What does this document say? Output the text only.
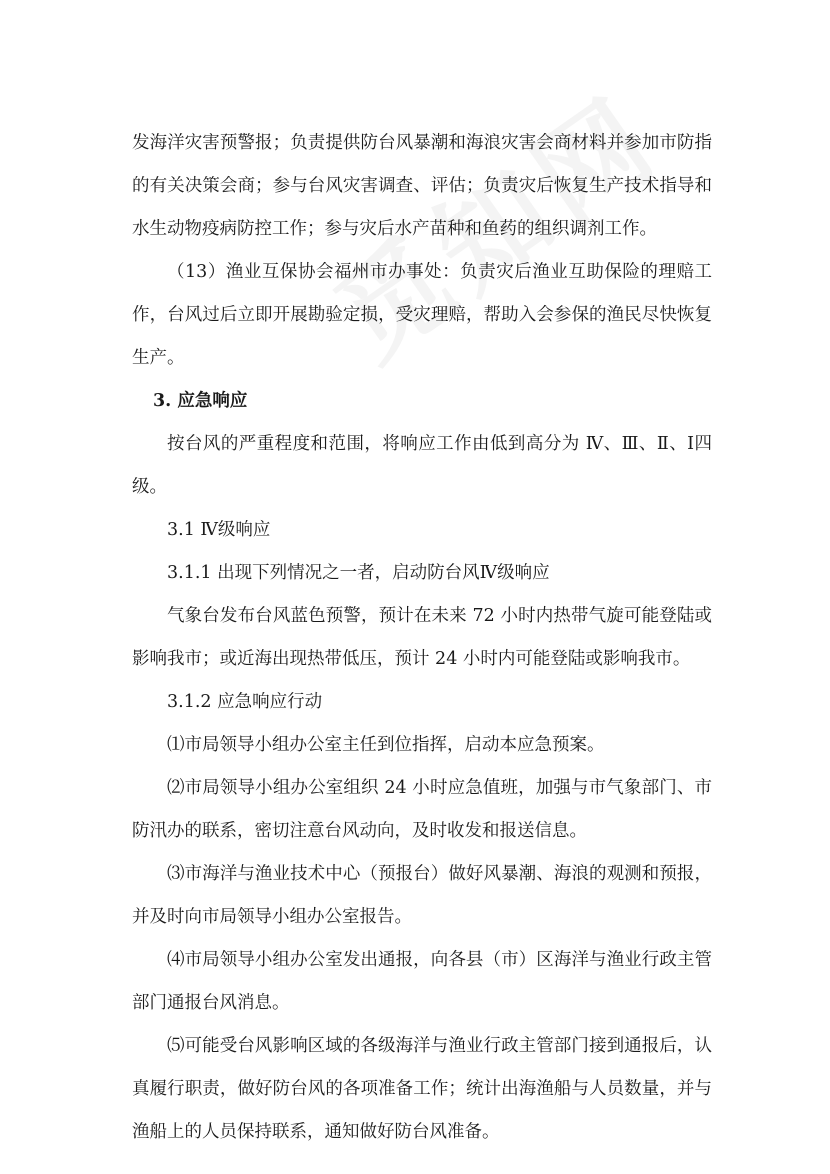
发海洋灾害预警报；负责提供防台风暴潮和海浪灾害会商材料并参加市防指的有关决策会商；参与台风灾害调查、评估；负责灾后恢复生产技术指导和水生动物疫病防控工作；参与灾后水产苗种和鱼药的组织调剂工作。

（13）渔业互保协会福州市办事处：负责灾后渔业互助保险的理赔工作，台风过后立即开展勘验定损，受灾理赔，帮助入会参保的渔民尽快恢复生产。

3. 应急响应

按台风的严重程度和范围，将响应工作由低到高分为 Ⅳ、Ⅲ、Ⅱ、Ⅰ四级。

3.1 Ⅳ级响应

3.1.1 出现下列情况之一者，启动防台风Ⅳ级响应

气象台发布台风蓝色预警，预计在未来 72 小时内热带气旋可能登陆或影响我市；或近海出现热带低压，预计 24 小时内可能登陆或影响我市。

3.1.2 应急响应行动

⑴市局领导小组办公室主任到位指挥，启动本应急预案。

⑵市局领导小组办公室组织 24 小时应急值班，加强与市气象部门、市防汛办的联系，密切注意台风动向，及时收发和报送信息。

⑶市海洋与渔业技术中心（预报台）做好风暴潮、海浪的观测和预报，并及时向市局领导小组办公室报告。

⑷市局领导小组办公室发出通报，向各县（市）区海洋与渔业行政主管部门通报台风消息。

⑸可能受台风影响区域的各级海洋与渔业行政主管部门接到通报后，认真履行职责，做好防台风的各项准备工作；统计出海渔船与人员数量，并与渔船上的人员保持联系，通知做好防台风准备。
